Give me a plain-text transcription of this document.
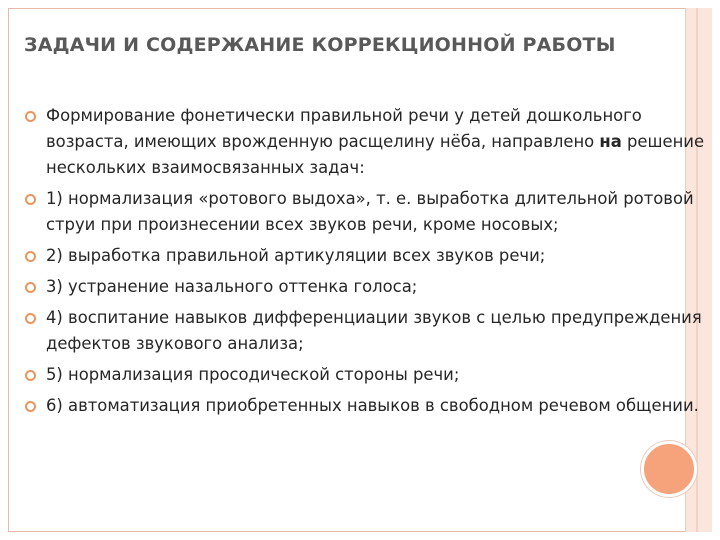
ЗАДАЧИ И СОДЕРЖАНИЕ КОРРЕКЦИОННОЙ РАБОТЫ
Формирование фонетически правильной речи у детей дошкольного возраста, имеющих врожденную расщелину нёба, направлено на решение нескольких взаимосвязанных задач:
1) нормализация «ротового выдоха», т. е. выработка длительной ротовой струи при произнесении всех звуков речи, кроме носовых;
2) выработка правильной артикуляции всех звуков речи;
3) устранение назального оттенка голоса;
4) воспитание навыков дифференциации звуков с целью предупреждения дефектов звукового анализа;
5) нормализация просодической стороны речи;
6) автоматизация приобретенных навыков в свободном речевом общении.
